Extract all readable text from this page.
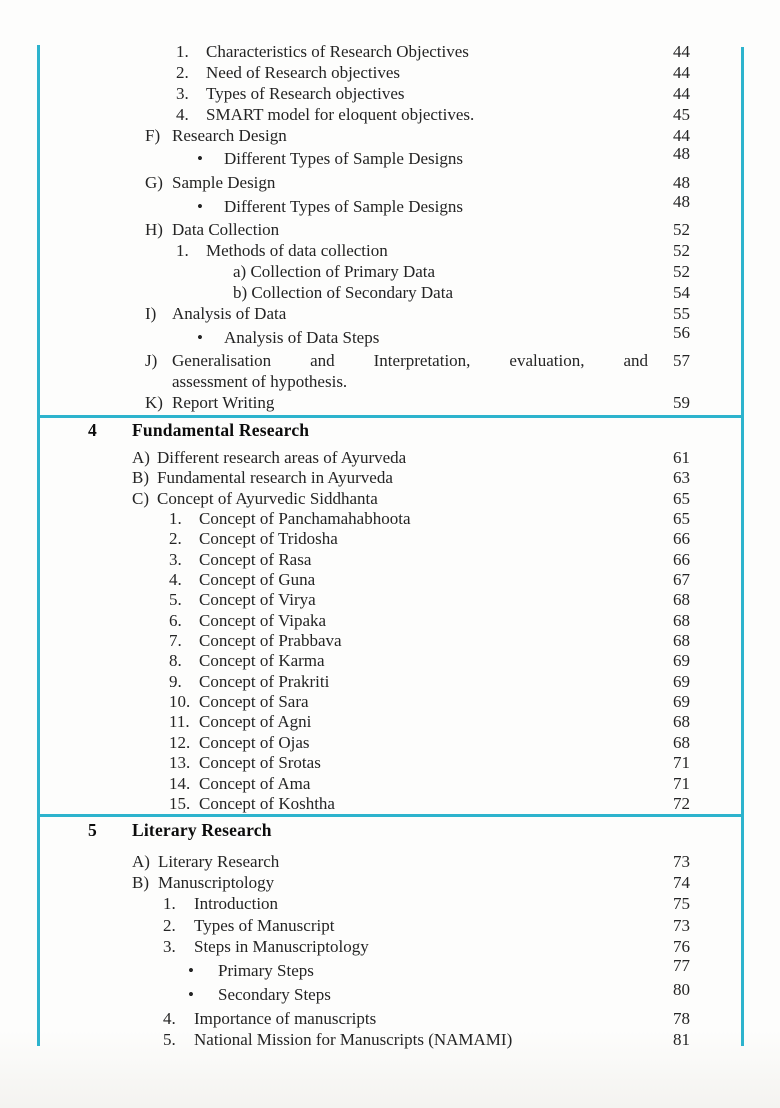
1. Characteristics of Research Objectives	44
2. Need of Research objectives	44
3. Types of Research objectives	44
4. SMART model for eloquent objectives.	45
F) Research Design	44
• Different Types of Sample Designs	48
G) Sample Design	48
• Different Types of Sample Designs	48
H) Data Collection	52
1. Methods of data collection	52
a) Collection of Primary Data	52
b) Collection of Secondary Data	54
I) Analysis of Data	55
• Analysis of Data Steps	56
J) Generalisation and Interpretation, evaluation, and	57
assessment of hypothesis.
K) Report Writing	59
4 Fundamental Research
A) Different research areas of Ayurveda	61
B) Fundamental research in Ayurveda	63
C) Concept of Ayurvedic Siddhanta	65
1. Concept of Panchamahabhoota	65
2. Concept of Tridosha	66
3. Concept of Rasa	66
4. Concept of Guna	67
5. Concept of Virya	68
6. Concept of Vipaka	68
7. Concept of Prabbava	68
8. Concept of Karma	69
9. Concept of Prakriti	69
10. Concept of Sara	69
11. Concept of Agni	68
12. Concept of Ojas	68
13. Concept of Srotas	71
14. Concept of Ama	71
15. Concept of Koshtha	72
5 Literary Research
A) Literary Research	73
B) Manuscriptology	74
1. Introduction	75
2. Types of Manuscript	73
3. Steps in Manuscriptology	76
• Primary Steps	77
• Secondary Steps	80
4. Importance of manuscripts	78
5. National Mission for Manuscripts (NAMAMI)	81
